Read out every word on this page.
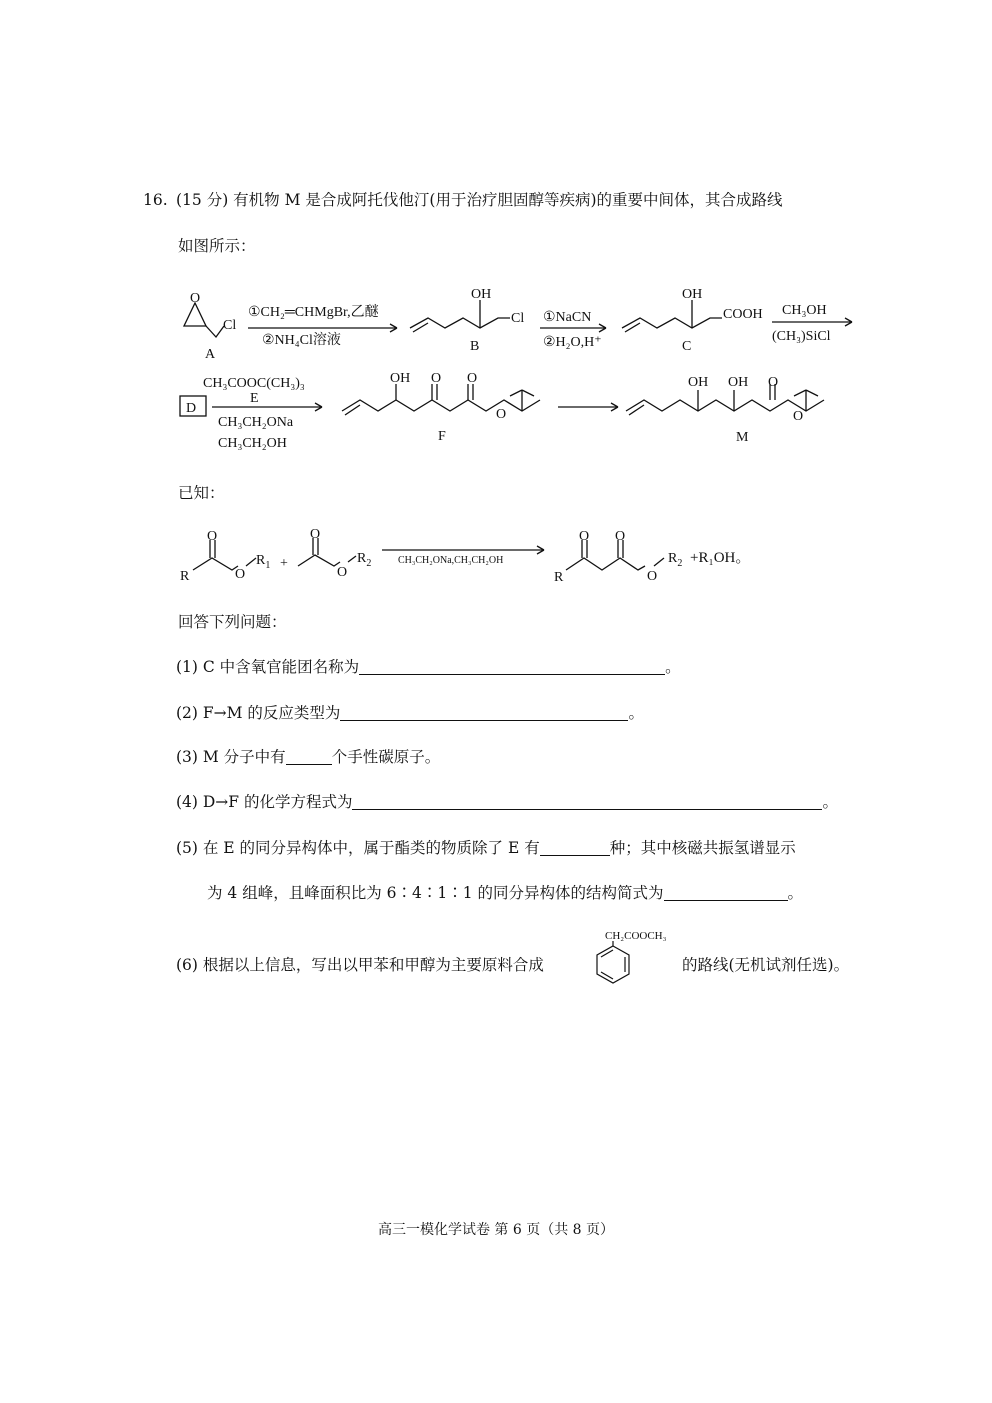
16. (15 分) 有机物 M 是合成阿托伐他汀(用于治疗胆固醇等疾病)的重要中间体，其合成路线
如图所示：
O
Cl
A
①CH₂═CHMgBr,乙醚
②NH₄Cl溶液
OH
Cl
B
①NaCN
②H₂O,H⁺
OH
COOH
C
CH₃OH
(CH₃)SiCl
D
CH₃COOC(CH₃)₃
E
CH₃CH₂ONa
CH₃CH₂OH
OH O O
O
F
OH OH O
O
M
已知：
R
O
O
$R_1$ +
O
O
$R_2$	CH₃CH₂ONa,CH₃CH₂OH
R
O O
O
$R_2 +R_1OH$。
回答下列问题：
(1) C 中含氧官能团名称为	。
(2) F→M 的反应类型为	。
(3) M 分子中有	个手性碳原子。
(4) D→F 的化学方程式为	。
(5) 在 E 的同分异构体中，属于酯类的物质除了 E 有	种；其中核磁共振氢谱显示
为 4 组峰，且峰面积比为 6∶4∶1∶1 的同分异构体的结构简式为	。
(6) 根据以上信息，写出以甲苯和甲醇为主要原料合成
CH₂COOCH₃
的路线(无机试剂任选)。
高三一模化学试卷 第 6 页（共 8 页）
